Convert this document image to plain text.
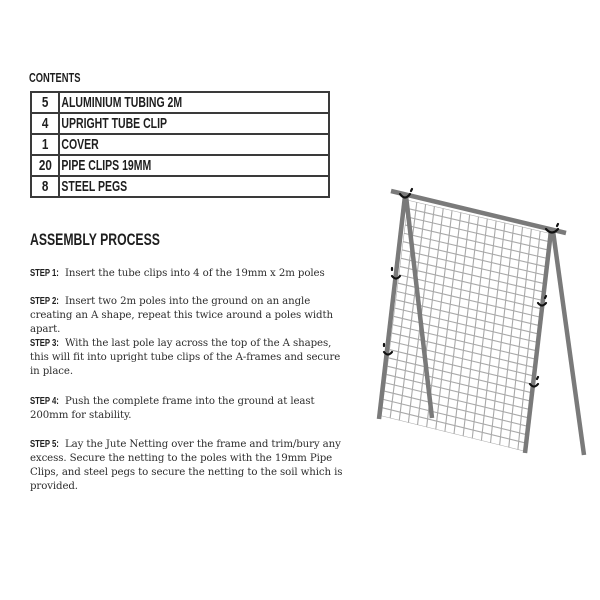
CONTENTS
5	ALUMINIUM TUBING 2M
4	UPRIGHT TUBE CLIP
1	COVER
20	PIPE CLIPS 19MM
8	STEEL PEGS
ASSEMBLY PROCESS
STEP 1: Insert the tube clips into 4 of the 19mm x 2m poles
STEP 2: Insert two 2m poles into the ground on an angle creating an A shape, repeat this twice around a poles width apart.
STEP 3: With the last pole lay across the top of the A shapes, this will fit into upright tube clips of the A-frames and secure in place.
STEP 4: Push the complete frame into the ground at least 200mm for stability.
STEP 5: Lay the Jute Netting over the frame and trim/bury any excess. Secure the netting to the poles with the 19mm Pipe Clips, and steel pegs to secure the netting to the soil which is provided.
